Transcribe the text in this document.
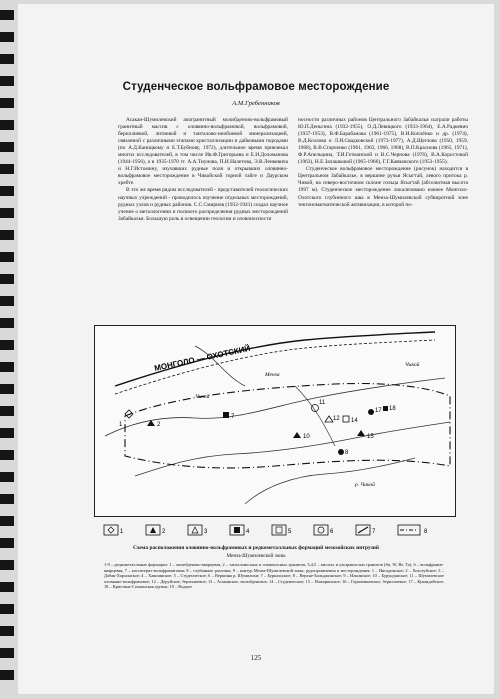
Студенческое вольфрамовое месторождение
А.М.Гребенников

Асакан-Шумилевский апогранитный молибденово-вольфрамовый гранитный массив с оловянно-вольфрамовой, вольфрамовой, бериллиевой, литиевой и танталово-ниобиевой минерализацией, связанной с различными этапами кристаллизации и дайковыми породами (по А.Д.Каницкому и Е.Т.Бубнову, 1972), длительное время привлекал многих исследователей, в том числе Ив.Ф.Григорьева и Е.И.Доломанова (1944-1956), а в 1935-1970 гг. А.А.Тиунова, П.И.Налетова, Э.В.Ленкевича и Н.Г.Истомину, изучавших рудные поля и открывших оловянно-вольфрамовое месторождение в Чикойской горной тайге и Даурском хребте.

В это же время рядом исследователей - представителей геологических научных учреждений - проводилось изучение отдельных месторождений, рудных узлов и рудных районов. С.С.Смирнов (1932-1941) создал научное учение о металлогении и посвоего распределения рудных месторождений Забайкалья. Большую роль в освещении геологии и оловоносности

носности различных районов Центрального Забайкалья сыграли работы Ю.П.Деньгина (1932-1955), О.Д.Левицкого (1933-1964), Е.А.Радкевич (1937-1953), В.Ф.Барабанова (1961-1975), В.И.Коплёнко и др. (1974), В.Д.Козлова и Л.Н.Свадковской (1973-1977), А.Д.Щеглова (1950, 1959, 1968), В.В.Старченко (1961, 1963, 1966, 1968), В.П.Краснова (1965, 1971), Ф.Р.Апельцина, Т.И.Гетманской и В.С.Чернова (1976), В.А.Коростовой (1963), Н.Е.Залашковой (1965-1966), Г.Г.Кавчанского (1953-1955).

Студенческое вольфрамовое месторождение (рисунок) находится в Центральном Забайкалье, в вершине ручья Ясыгтай, левого притока р. Чикой, на северо-восточном склоне гольца Ясыгтай (абсолютная высота 1997 м). Студенческое месторождение локализовано южнее Монголо-Охотского глубинного шва в Менза-Шумилевской субвиротной зоне тектономагматической активизации, в которой по-

МОНГОЛО — ОХОТСКИЙ
1	2
7
11
12 14
15
17 18
10
8
Чикой
Менза
р. Чикой
Чикой
1	2	3	4	5	6	7	8
Схема расположения оловянно-вольфрамовых и редкометалльных формаций мезозойских интрузий
Менза-Шумилевской зоны
1-9 – редкометалльные формации: 1 – молибденово-кварцевая, 2 – танталоносных и оловоносных гранитов, 3,4,5 – кислых и ультракислых гранитов (Sn, W, Be, Ta), 6 – вольфрамит-кварцевая, 7 – касситерит-вольфрамитовая; 8 – глубинные разломы; 9 – контур Менза-Шумилевской зоны; рудопроявления и месторождения: 1 – Ингодинское; 2 – Хохотуйское; 3 – Дабан-Хархинское; 4 – Хакшинское; 5 – Студенческое; 6 – Вершина р. Шумилихи; 7 – Буркальское; 8 – Верхне-Бальджинское; 9 – Ильинское; 10 – Бурунданское; 11 – Шумилевское оловянно-вольфрамовое; 12 – Деруйское, бериллиевое; 13 – Асаканское, молибденовое; 14 – Студенческое; 15 – Ножоринское; 16 – Гориченковское, бериллиевое; 17 – Кукандейское; 18 – Кристина-Сохьинская группа; 19 – Водное
125
